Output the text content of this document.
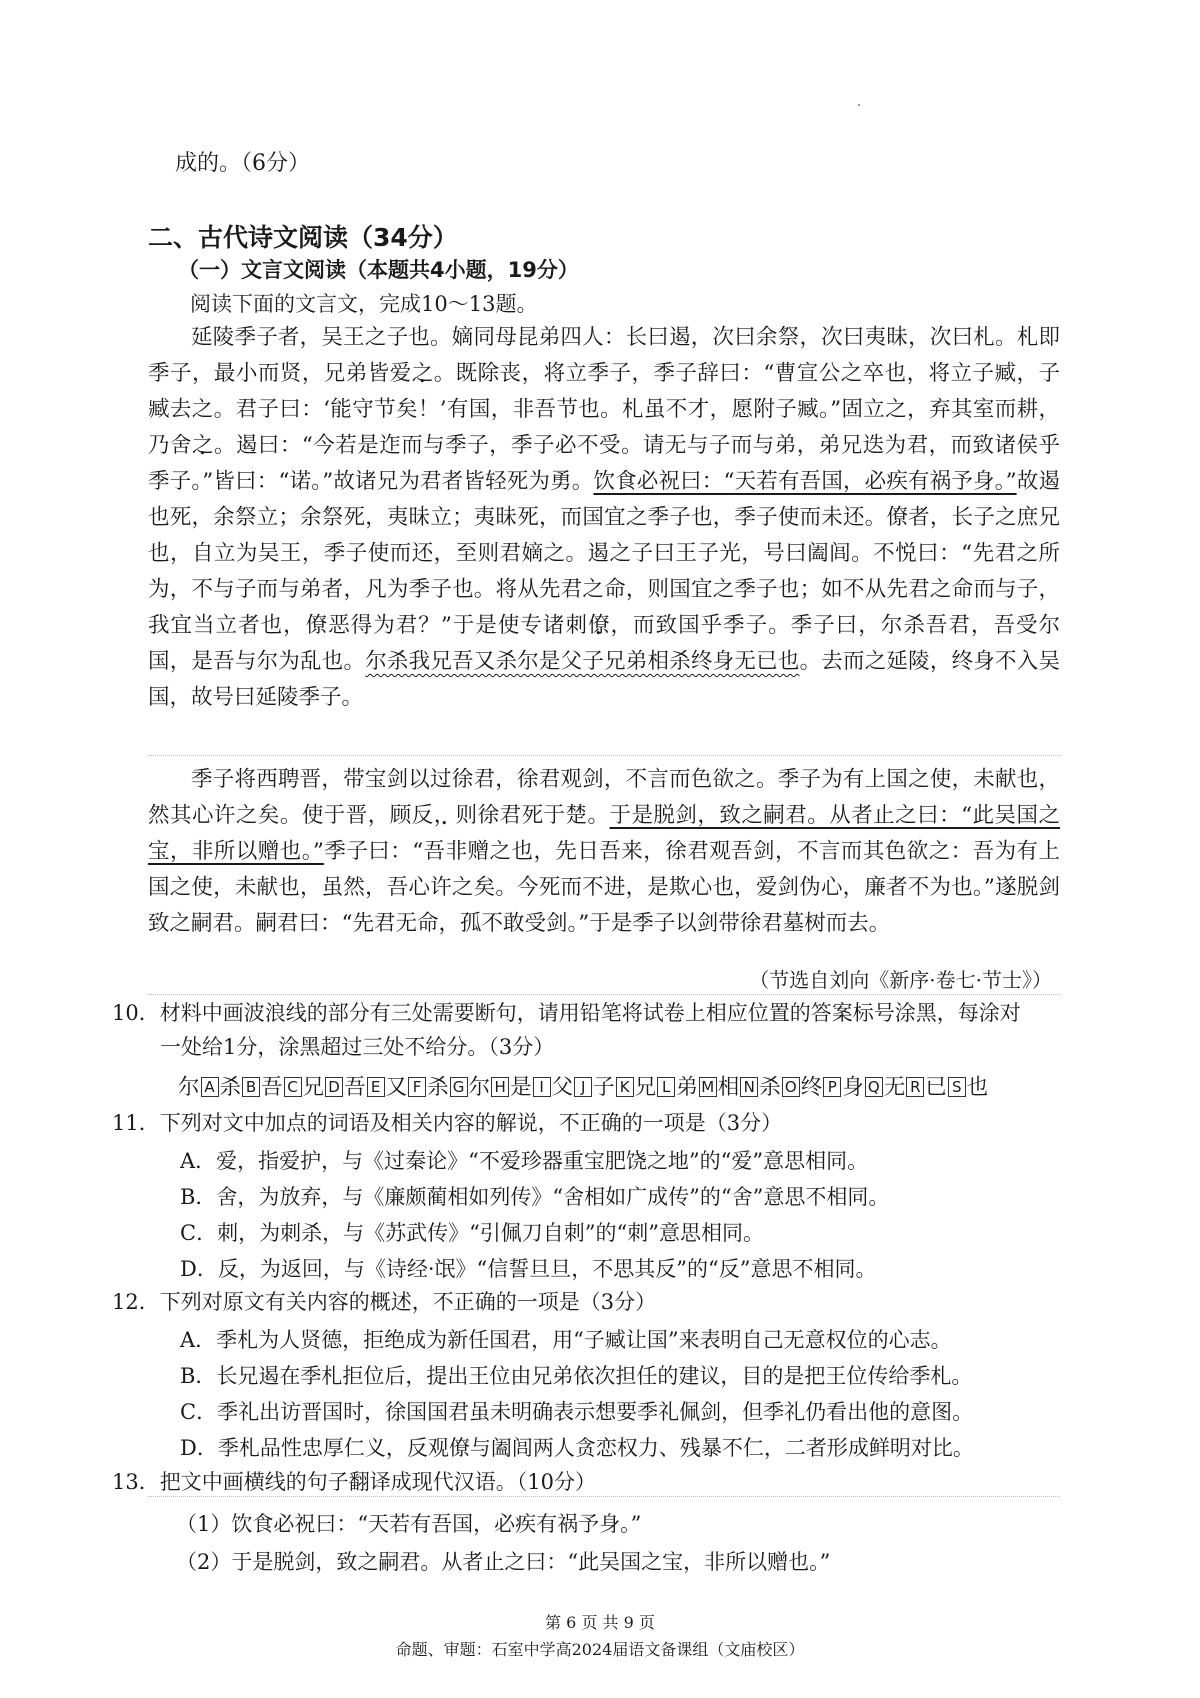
成的。（6分）
二、古代诗文阅读（34分）
（一）文言文阅读（本题共4小题，19分）
阅读下面的文言文，完成10～13题。

延陵季子者，吴王之子也。嫡同母昆弟四人：长曰遏，次曰余祭，次曰夷昧，次曰札。札即季子，最小而贤，兄弟皆爱之。既除丧，将立季子，季子辞曰：“曹宣公之卒也，将立子臧，子臧去之。君子曰：‘能守节矣！’有国，非吾节也。札虽不才，愿附子臧。”固立之，弃其室而耕，乃舍之。遏曰：“今若是迮而与季子，季子必不受。请无与子而与弟，弟兄迭为君，而致诸侯乎季子。”皆曰：“诺。”故诸兄为君者皆轻死为勇。饮食必祝曰：“天若有吾国，必疾有祸予身。”故遏也死，余祭立；余祭死，夷昧立；夷昧死，而国宜之季子也，季子使而未还。僚者，长子之庶兄也，自立为吴王，季子使而还，至则君嫡之。遏之子曰王子光，号曰阖闾。不悦曰：“先君之所为，不与子而与弟者，凡为季子也。将从先君之命，则国宜之季子也；如不从先君之命而与子，我宜当立者也，僚恶得为君？”于是使专诸刺僚，而致国乎季子。季子曰，尔杀吾君，吾受尔国，是吾与尔为乱也。尔杀我兄吾又杀尔是父子兄弟相杀终身无已也。去而之延陵，终身不入吴国，故号曰延陵季子。

季子将西聘晋，带宝剑以过徐君，徐君观剑，不言而色欲之。季子为有上国之使，未献也，然其心许之矣。使于晋，顾反，则徐君死于楚。于是脱剑，致之嗣君。从者止之曰：“此吴国之宝，非所以赠也。”季子曰：“吾非赠之也，先日吾来，徐君观吾剑，不言而其色欲之：吾为有上国之使，未献也，虽然，吾心许之矣。今死而不进，是欺心也，爱剑伪心，廉者不为也。”遂脱剑致之嗣君。嗣君曰：“先君无命，孤不敢受剑。”于是季子以剑带徐君墓树而去。

（节选自刘向《新序·卷七·节士》）
10．材料中画波浪线的部分有三处需要断句，请用铅笔将试卷上相应位置的答案标号涂黑，每涂对
一处给1分，涂黑超过三处不给分。（3分）
尔 A 杀 B 吾 C 兄 D 吾 E 又 F 杀 G 尔 H 是 I 父 J 子 K 兄 L 弟 M 相 N 杀 O 终 P 身 Q 无 R 已 S 也
11．下列对文中加点的词语及相关内容的解说，不正确的一项是（3分）
A．爱，指爱护，与《过秦论》“不爱珍器重宝肥饶之地”的“爱”意思相同。
B．舍，为放弃，与《廉颇蔺相如列传》“舍相如广成传”的“舍”意思不相同。
C．刺，为刺杀，与《苏武传》“引佩刀自刺”的“刺”意思相同。
D．反，为返回，与《诗经·氓》“信誓旦旦，不思其反”的“反”意思不相同。
12．下列对原文有关内容的概述，不正确的一项是（3分）
A．季札为人贤德，拒绝成为新任国君，用“子臧让国”来表明自己无意权位的心志。
B．长兄遏在季札拒位后，提出王位由兄弟依次担任的建议，目的是把王位传给季札。
C．季礼出访晋国时，徐国国君虽未明确表示想要季礼佩剑，但季礼仍看出他的意图。
D．季札品性忠厚仁义，反观僚与阖闾两人贪恋权力、残暴不仁，二者形成鲜明对比。
13．把文中画横线的句子翻译成现代汉语。（10分）
（1）饮食必祝曰：“天若有吾国，必疾有祸予身。”
（2）于是脱剑，致之嗣君。从者止之曰：“此吴国之宝，非所以赠也。”
第 6 页 共 9 页
命题、审题：石室中学高2024届语文备课组（文庙校区）
